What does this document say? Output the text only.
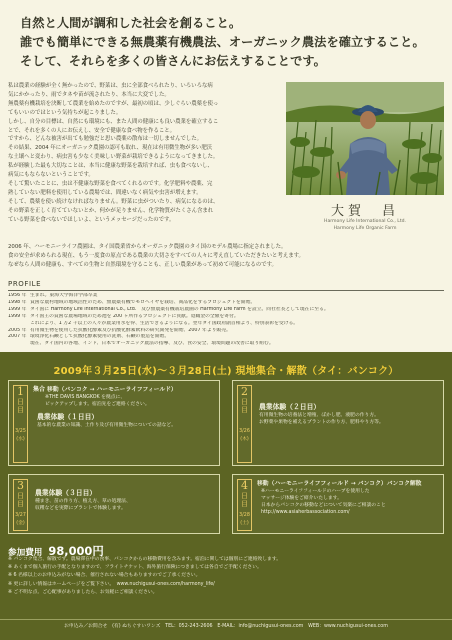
自然と人間が調和した社会を創ること。
誰でも簡単にできる無農薬有機農法、オーガニック農法を確立すること。
そして、それらを多くの皆さんにお伝えすることです。

私は農業の経験が全く無かったので、野菜は、虫に全部食べられたり、いろいろな病

気にかかったり、雨でタネや苗が流されたり、本当に大変でした。

無農薬有機栽培を決断して農業を始めたのですが、最初の頃は、少しぐらい農薬を使っ

てもいいのではという気持ちが起こりました。

しかし、自分の目標は、自然にも環境にも、また人間の健康にも良い農業を確立するこ

とで、それを多くの人にお伝えし、安全で健康な食べ物を作ること。

ですから、どんな被害が出ても勉強だと思い農薬の散布は一切しませんでした。

その結果、2004 年にオーガニック農園の認可も取れ、現在は有用微生物が多い肥沃

な土壌へと変わり、病虫害も少なく美味しい野菜が栽培できるようになってきました。

私が経験した最も大切なことは、本当に健康な野菜を栽培すれば、虫も食べないし、

病気にもならないということです。

そして驚いたことに、虫は不健康な野菜を食べてくれるのです。化学肥料や農薬、完

熟していない肥料を使用している農場では、間違いなく病気や虫害が増えます。

そして、農薬を使い続けなければなりません。野菜に虫がついたり、病気になるのは、

その野菜を正しく育てていないとか、何かが足りません、化学物質がたくさん含まれ

ている野菜を食べないでほしいよ、というメッセージだったのです。

大賀　昌
Harmony Life International Co., Ltd.
Harmony Life Organic Farm

2006 年、ハーモニーライフ農園は、タイ国農業省からオーガニック農園のタイ国のモデル農場に指定されました。

食の安全が求められる現在、もう一度食の原点である農業の大切さをすべての人々に考え直していただきたいと考えます。

なぜなら人間の健康も、すべての生物と自然環境を守ることも、正しい農業があって初めて可能になるのです。

PROFILE
1956 年 生まれ。東海大学海洋学部卒業
1998 年 貧困な農村地域の地域活性のため、無農薬有機でモロヘイヤを栽培、商品化をするプロジェクトを開始。
1999 年 タイ国に Harmony Life International Co., Ltd.　及び無農薬有機栽培農園の Harmony Life Farm を設立。同社社長として現在に至る。
1999 年 タイ国王の貧困な農場地域のため池を 200 ヶ所作るプロジェクトに貢献。退職金の全額を寄付。
これにより、1 万2 千以上の人々が農業用水を得、生活できるようになる。翌年タイ国政府副首相より、特別表彰を受ける。
2005 年 有用微生物を使用した抗酸化酵素及び抗酸化酵素飲料の研究開発を開始、2007 年より販売。
2007 年 環境浄化石鹸として抗酸化酵素使用の洗剤、石鹸の製造を開始。
現在、タイ国内の各地、インド、日本でオーガニック農法の指導、及び、食の安全、環境問題の改善に取り組む。
2009年３月25日(水)～３月28日(土) 現地集合・解散（タイ：バンコク）
1
日目
3/25
(水)
集合 移動（バンコク → ハーモニーライフフィールド）
※THE DAVIS BANGKOK を拠点に、
ピックアップします。宿泊先をご連絡ください。
農業体験（１日目）
基本的な農業の知識、土作り及び有用微生物についての話など。
2
日目
3/26
(木)
農業体験（２日目）
有用微生物の培養法と増殖、ぼかし肥、液肥の作り方。
お野菜や果物を補えるプラントの作り方、肥料やり方等。
3
日目
3/27
(金)
農業体験（３日目）
種まき、苗の作り方、植え方、草の処理法、
収穫などを実際にプラントで体験します。
4
日目
3/28
(土)
移動（ハーモニーライフフィールド → バンコク）バンコク解散
※ハーモニーライフフィールドのハーブを使用した
マッサージ体験をご紹介いたします。
日本からバンコクの移動などについて気楽にご相談のこと
http://www.asiaherbassociation.com/
参加費用 98,000円

※ バンコク集合、解散です。農場滞在中の食事、バンコクからの移動費用を含みます。宿泊に関しては個別にご連絡致します。

※ あくまで個人旅行の手配となりますので、フライトチケット、海外旅行保険につきましては各自でご手配ください。

※ 6 名様以上のお申込みがない場合、催行されない場合もありますのでご了承ください。

※ 更に詳しい情報はホームページをご覧下さい。　www.nuchigusui-ones.com/harmony_life/

※ ご不明な点、ご心配事がありましたら、お気軽にご相談ください。

お申込み／お問合せ　(有) ぬちぐすいワンズ　TEL：052-243-2606　E-MAIL：info@nuchigusui-ones.com　WEB：www.nuchigusui-ones.com
